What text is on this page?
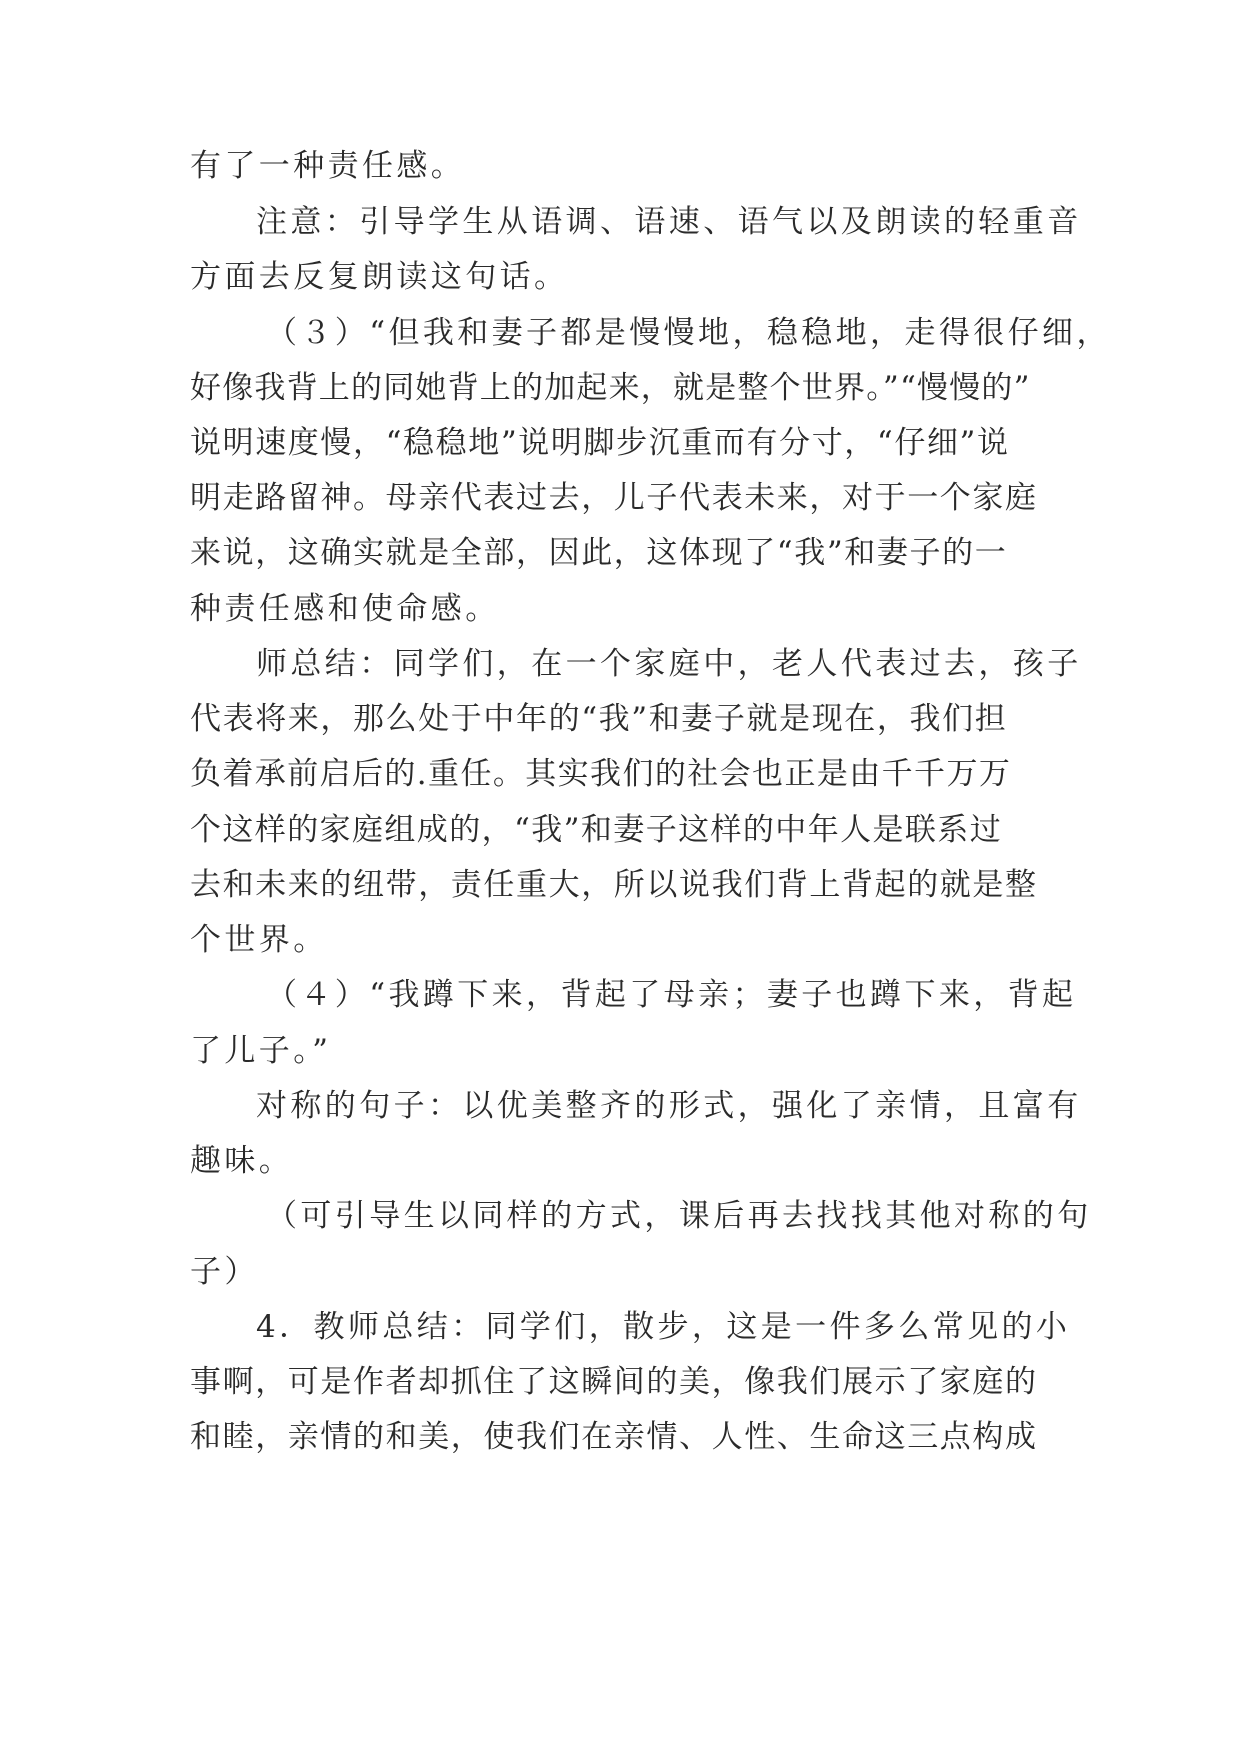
有了一种责任感。
注意：引导学生从语调、语速、语气以及朗读的轻重音
方面去反复朗读这句话。
（３）“但我和妻子都是慢慢地，稳稳地，走得很仔细，
好像我背上的同她背上的加起来，就是整个世界。”“慢慢的”
说明速度慢，“稳稳地”说明脚步沉重而有分寸，“仔细”说
明走路留神。母亲代表过去，儿子代表未来，对于一个家庭
来说，这确实就是全部，因此，这体现了“我”和妻子的一
种责任感和使命感。
师总结：同学们，在一个家庭中，老人代表过去，孩子
代表将来，那么处于中年的“我”和妻子就是现在，我们担
负着承前启后的.重任。其实我们的社会也正是由千千万万
个这样的家庭组成的，“我”和妻子这样的中年人是联系过
去和未来的纽带，责任重大，所以说我们背上背起的就是整
个世界。
（４）“我蹲下来，背起了母亲；妻子也蹲下来，背起
了儿子。”
对称的句子：以优美整齐的形式，强化了亲情，且富有
趣味。
（可引导生以同样的方式，课后再去找找其他对称的句
子）
4．教师总结：同学们，散步，这是一件多么常见的小
事啊，可是作者却抓住了这瞬间的美，像我们展示了家庭的
和睦，亲情的和美，使我们在亲情、人性、生命这三点构成
